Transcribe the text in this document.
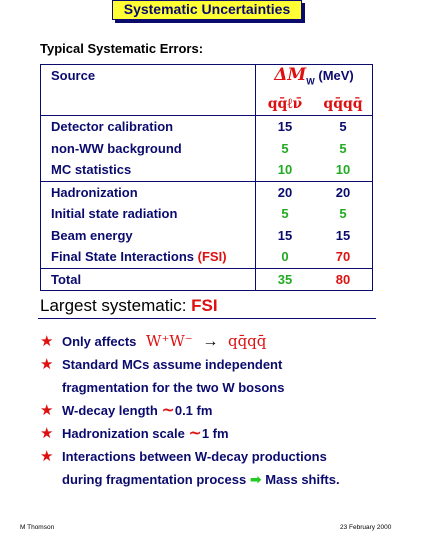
Systematic Uncertainties
Typical Systematic Errors:
Source	$\Delta M_W$ (MeV)	
	qq̄ℓν̄	qq̄qq̄
Detector calibration	15	5
non-WW background	5	5
MC statistics	10	10
Hadronization	20	20
Initial state radiation	5	5
Beam energy	15	15
Final State Interactions (FSI)	0	70
Total	35	80
Largest systematic: FSI
★ Only affects W⁺W⁻ → qq̄qq̄
★ Standard MCs assume independent
fragmentation for the two W bosons
★ W-decay length ∼0.1 fm
★ Hadronization scale ∼1 fm
★ Interactions between W-decay productions
during fragmentation process ➡ Mass shifts.
M Thomson	23 February 2000
